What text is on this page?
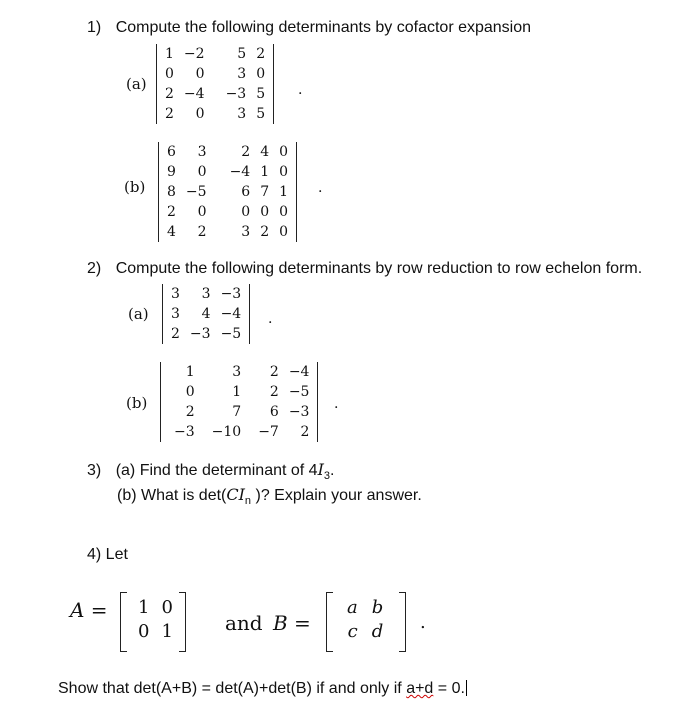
1) Compute the following determinants by cofactor expansion
(a)
1	−2	5	2
0	0	3	0
2	−4	−3	5
2	0	3	5
.
(b)
6	3	2	4	0
9	0	−4	1	0
8	−5	6	7	1
2	0	0	0	0
4	2	3	2	0
.
2) Compute the following determinants by row reduction to row echelon form.
(a)
3	3	−3
3	4	−4
2	−3	−5
.
(b)
1	3	2	−4
0	1	2	−5
2	7	6	−3
−3	−10	−7	2
.
3) (a) Find the determinant of $4I_3$.
(b) What is $\det(CI_n$ )? Explain your answer.
4) Let
A = 1	0
0	1	and B =
a	b
c	d .
Show that det(A+B) = det(A)+det(B) if and only if a+d = 0.
